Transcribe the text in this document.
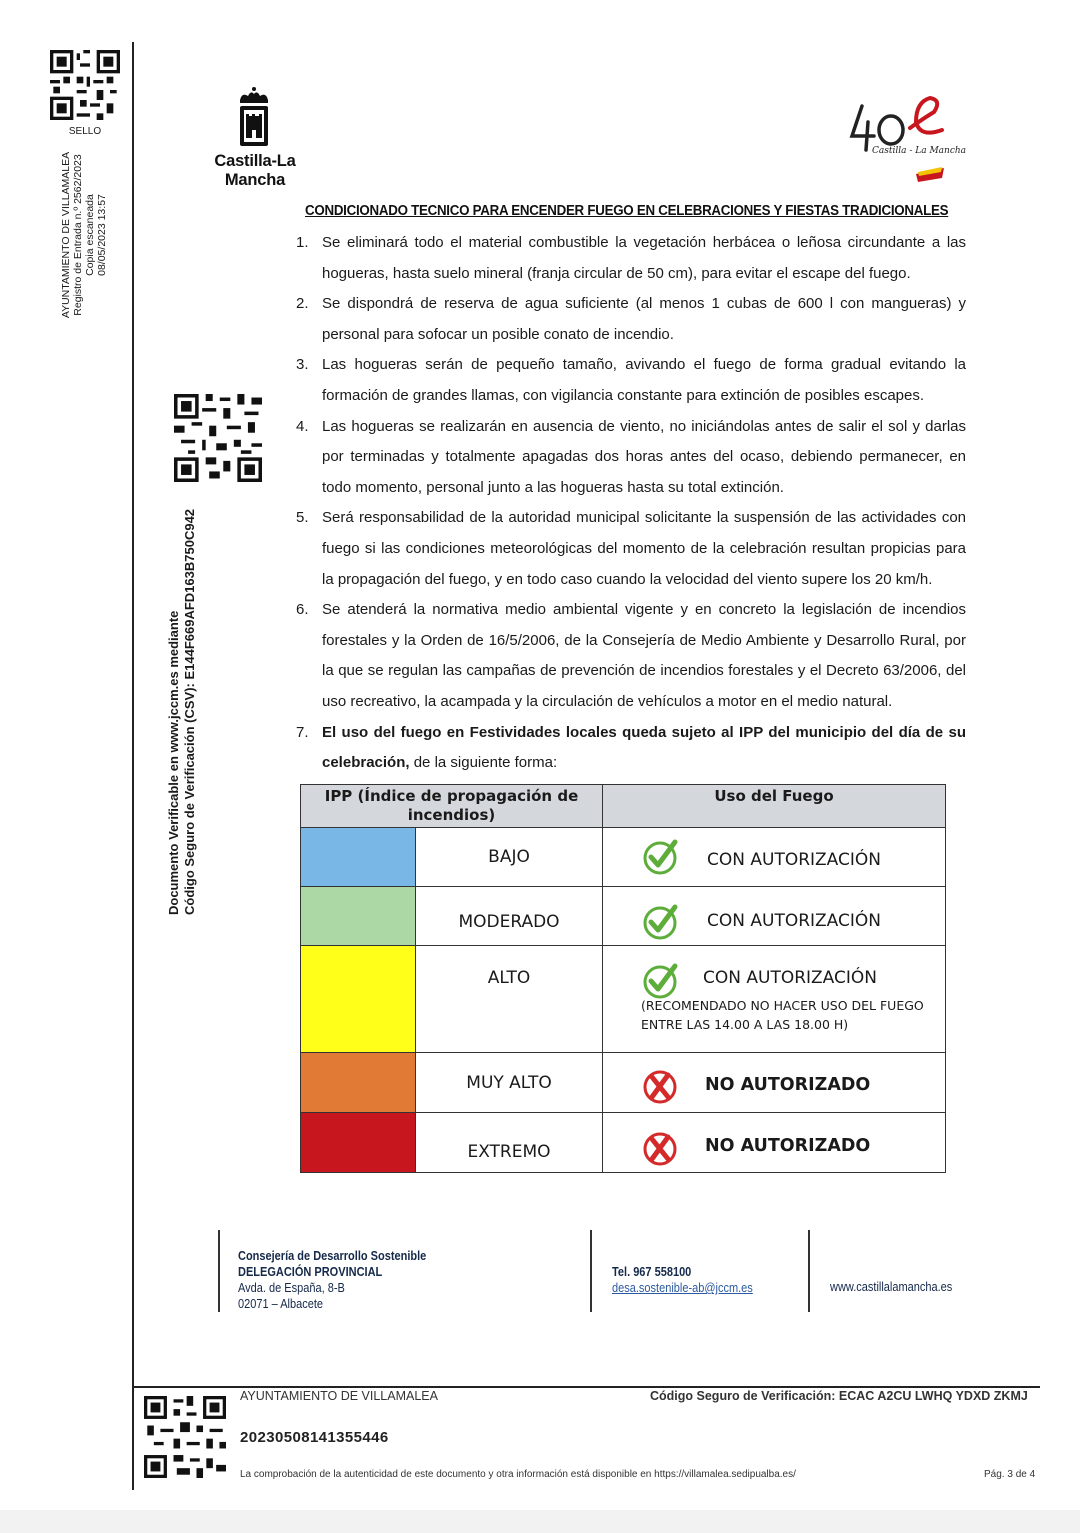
SELLO
AYUNTAMIENTO DE VILLAMALEA Registro de Entrada n.º 2562/2023 Copia escaneada 08/05/2023 13:57
Documento Verificable en www.jccm.es mediante Código Seguro de Verificación (CSV): E144F669AFD163B750C942
Castilla-La Mancha
Castilla - La Mancha
CONDICIONADO TECNICO PARA ENCENDER FUEGO EN CELEBRACIONES Y FIESTAS TRADICIONALES
1. Se eliminará todo el material combustible la vegetación herbácea o leñosa circundante a las hogueras, hasta suelo mineral (franja circular de 50 cm), para evitar el escape del fuego.
2. Se dispondrá de reserva de agua suficiente (al menos 1 cubas de 600 l con mangueras) y personal para sofocar un posible conato de incendio.
3. Las hogueras serán de pequeño tamaño, avivando el fuego de forma gradual evitando la formación de grandes llamas, con vigilancia constante para extinción de posibles escapes.
4. Las hogueras se realizarán en ausencia de viento, no iniciándolas antes de salir el sol y darlas por terminadas y totalmente apagadas dos horas antes del ocaso, debiendo permanecer, en todo momento, personal junto a las hogueras hasta su total extinción.
5. Será responsabilidad de la autoridad municipal solicitante la suspensión de las actividades con fuego si las condiciones meteorológicas del momento de la celebración resultan propicias para la propagación del fuego, y en todo caso cuando la velocidad del viento supere los 20 km/h.
6. Se atenderá la normativa medio ambiental vigente y en concreto la legislación de incendios forestales y la Orden de 16/5/2006, de la Consejería de Medio Ambiente y Desarrollo Rural, por la que se regulan las campañas de prevención de incendios forestales y el Decreto 63/2006, del uso recreativo, la acampada y la circulación de vehículos a motor en el medio natural.
7. El uso del fuego en Festividades locales queda sujeto al IPP del municipio del día de su celebración, de la siguiente forma:
IPP (Índice de propagación de incendios)		Uso del Fuego
	BAJO	CON AUTORIZACIÓN

	MODERADO	CON AUTORIZACIÓN

	ALTO	CON AUTORIZACIÓN
(RECOMENDADO NO HACER USO DEL FUEGO
ENTRE LAS 14.00 A LAS 18.00 H)

	MUY ALTO	NO AUTORIZADO

	EXTREMO	NO AUTORIZADO
Consejería de Desarrollo Sostenible
DELEGACIÓN PROVINCIAL
Avda. de España, 8-B
02071 – Albacete
Tel. 967 558100
desa.sostenible-ab@jccm.es	www.castillalamancha.es
AYUNTAMIENTO DE VILLAMALEA	Código Seguro de Verificación: ECAC A2CU LWHQ YDXD ZKMJ
20230508141355446
La comprobación de la autenticidad de este documento y otra información está disponible en https://villamalea.sedipualba.es/	Pág. 3 de 4
